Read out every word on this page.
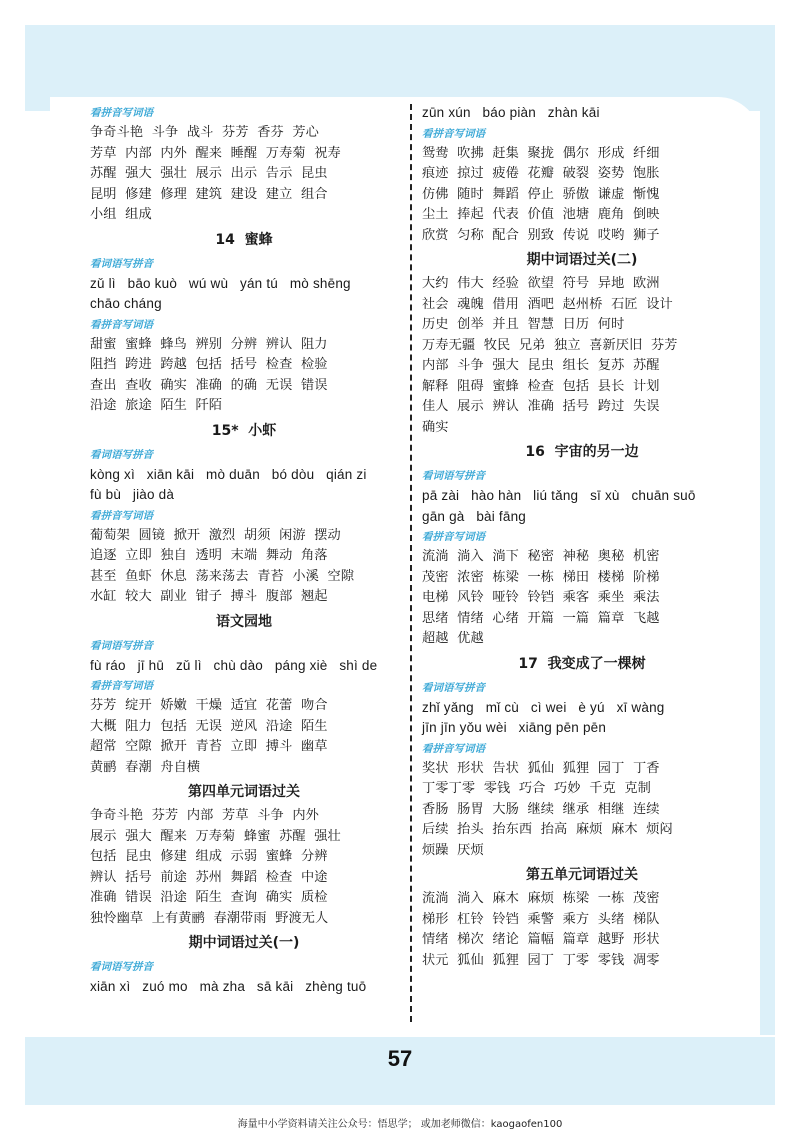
看拼音写词语
争奇斗艳  斗争  战斗  芬芳  香芬  芳心
芳草  内部  内外  醒来  睡醒  万寿菊  祝寿
苏醒  强大  强壮  展示  出示  告示  昆虫
昆明  修建  修理  建筑  建设  建立  组合
小组  组成
14  蜜蜂
看词语写拼音
zǔ lì   bāo kuò   wú wù   yán tú   mò shēng
chāo cháng
看拼音写词语
甜蜜  蜜蜂  蜂鸟  辨别  分辨  辨认  阻力
阻挡  跨进  跨越  包括  括号  检查  检验
查出  查收  确实  准确  的确  无误  错误
沿途  旅途  陌生  阡陌
15*  小虾
看词语写拼音
kòng xì   xiān kāi   mò duān   bó dòu   qián zi
fù bù   jiào dà
看拼音写词语
葡萄架  圆镜  掀开  激烈  胡须  闲游  摆动
追逐  立即  独自  透明  末端  舞动  角落
甚至  鱼虾  休息  荡来荡去  青苔  小溪  空隙
水缸  较大  副业  钳子  搏斗  腹部  翘起
语文园地
看词语写拼音
fù ráo   jī hū   zǔ lì   chù dào   páng xiè   shì de
看拼音写词语
芬芳  绽开  娇嫩  干燥  适宜  花蕾  吻合
大概  阻力  包括  无误  逆风  沿途  陌生
超常  空隙  掀开  青苔  立即  搏斗  幽草
黄鹂  春潮  舟自横
第四单元词语过关
争奇斗艳  芬芳  内部  芳草  斗争  内外
展示  强大  醒来  万寿菊  蜂蜜  苏醒  强壮
包括  昆虫  修建  组成  示弱  蜜蜂  分辨
辨认  括号  前途  苏州  舞蹈  检查  中途
准确  错误  沿途  陌生  查询  确实  质检
独怜幽草  上有黄鹂  春潮带雨  野渡无人
期中词语过关(一)
看词语写拼音
xiān xì   zuó mo   mà zha   sā kāi   zhèng tuō
zūn xún   báo piàn   zhàn kāi
看拼音写词语
鸳鸯  吹拂  赶集  聚拢  偶尔  形成  纤细
痕迹  掠过  疲倦  花瓣  破裂  姿势  饱胀
仿佛  随时  舞蹈  停止  骄傲  谦虚  惭愧
尘土  捧起  代表  价值  池塘  鹿角  倒映
欣赏  匀称  配合  别致  传说  哎哟  狮子
期中词语过关(二)
大约  伟大  经验  欲望  符号  异地  欧洲
社会  魂魄  借用  酒吧  赵州桥  石匠  设计
历史  创举  并且  智慧  日历  何时
万寿无疆  牧民  兄弟  独立  喜新厌旧  芬芳
内部  斗争  强大  昆虫  组长  复苏  苏醒
解释  阻碍  蜜蜂  检查  包括  县长  计划
佳人  展示  辨认  准确  括号  跨过  失误
确实
16  宇宙的另一边
看词语写拼音
pā zài   hào hàn   liú tǎng   sī xù   chuān suō
gān gà   bài fāng
看拼音写词语
流淌  淌入  淌下  秘密  神秘  奥秘  机密
茂密  浓密  栋梁  一栋  梯田  楼梯  阶梯
电梯  风铃  哑铃  铃铛  乘客  乘坐  乘法
思绪  情绪  心绪  开篇  一篇  篇章  飞越
超越  优越
17  我变成了一棵树
看词语写拼音
zhǐ yǎng   mǐ cù   cì wei   è yú   xī wàng
jīn jīn yǒu wèi   xiāng pēn pēn
看拼音写词语
奖状  形状  告状  狐仙  狐狸  园丁  丁香
丁零丁零  零钱  巧合  巧妙  千克  克制
香肠  肠胃  大肠  继续  继承  相继  连续
后续  抬头  抬东西  抬高  麻烦  麻木  烦闷
烦躁  厌烦
第五单元词语过关
流淌  淌入  麻木  麻烦  栋梁  一栋  茂密
梯形  杠铃  铃铛  乘警  乘方  头绪  梯队
情绪  梯次  绪论  篇幅  篇章  越野  形状
状元  狐仙  狐狸  园丁  丁零  零钱  凋零
57
海量中小学资料请关注公众号：悟思学； 或加老师微信：kaogaofen100
